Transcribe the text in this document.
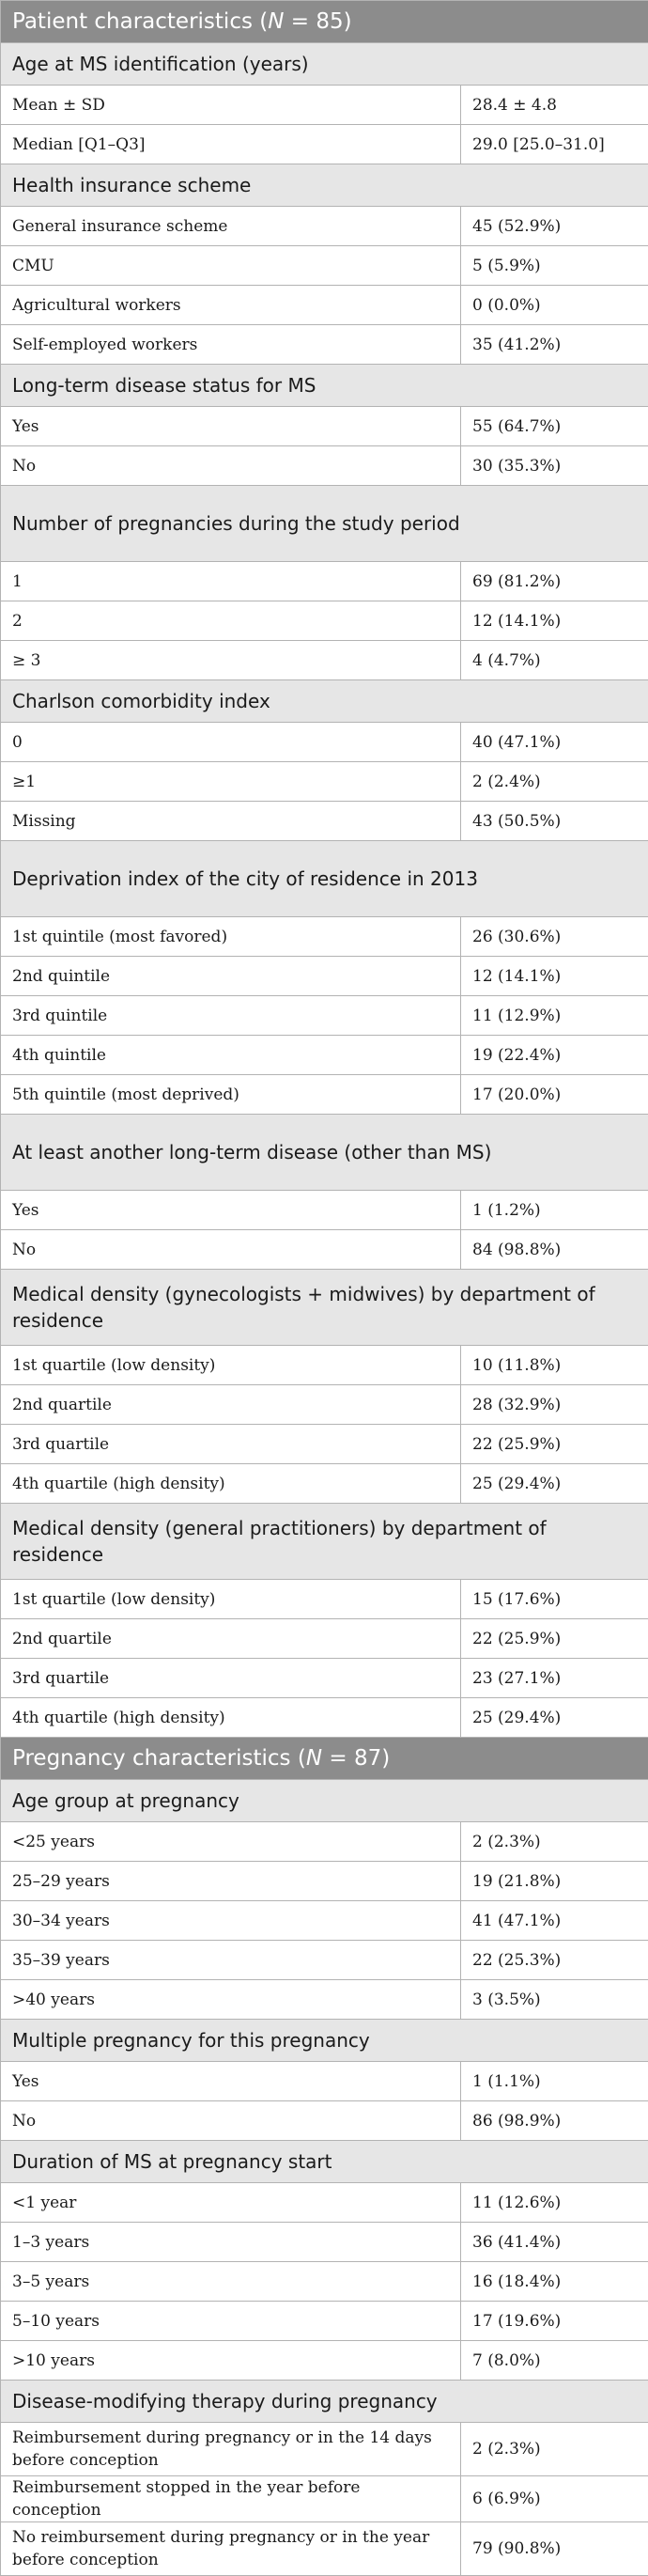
Patient characteristics (N = 85)	
Age at MS identification (years)	
Mean ± SD	28.4 ± 4.8
Median [Q1–Q3]	29.0 [25.0–31.0]
Health insurance scheme	
General insurance scheme	45 (52.9%)
CMU	5 (5.9%)
Agricultural workers	0 (0.0%)
Self-employed workers	35 (41.2%)
Long-term disease status for MS	
Yes	55 (64.7%)
No	30 (35.3%)
Number of pregnancies during the study period	
1	69 (81.2%)
2	12 (14.1%)
≥ 3	4 (4.7%)
Charlson comorbidity index	
0	40 (47.1%)
≥1	2 (2.4%)
Missing	43 (50.5%)
Deprivation index of the city of residence in 2013	
1st quintile (most favored)	26 (30.6%)
2nd quintile	12 (14.1%)
3rd quintile	11 (12.9%)
4th quintile	19 (22.4%)
5th quintile (most deprived)	17 (20.0%)
At least another long-term disease (other than MS)	
Yes	1 (1.2%)
No	84 (98.8%)
Medical density (gynecologists + midwives) by department of residence	
1st quartile (low density)	10 (11.8%)
2nd quartile	28 (32.9%)
3rd quartile	22 (25.9%)
4th quartile (high density)	25 (29.4%)
Medical density (general practitioners) by department of residence	
1st quartile (low density)	15 (17.6%)
2nd quartile	22 (25.9%)
3rd quartile	23 (27.1%)
4th quartile (high density)	25 (29.4%)
Pregnancy characteristics (N = 87)	
Age group at pregnancy	
<25 years	2 (2.3%)
25–29 years	19 (21.8%)
30–34 years	41 (47.1%)
35–39 years	22 (25.3%)
>40 years	3 (3.5%)
Multiple pregnancy for this pregnancy	
Yes	1 (1.1%)
No	86 (98.9%)
Duration of MS at pregnancy start	
<1 year	11 (12.6%)
1–3 years	36 (41.4%)
3–5 years	16 (18.4%)
5–10 years	17 (19.6%)
>10 years	7 (8.0%)
Disease-modifying therapy during pregnancy	
Reimbursement during pregnancy or in the 14 days before conception	2 (2.3%)
Reimbursement stopped in the year before conception	6 (6.9%)
No reimbursement during pregnancy or in the year before conception	79 (90.8%)
